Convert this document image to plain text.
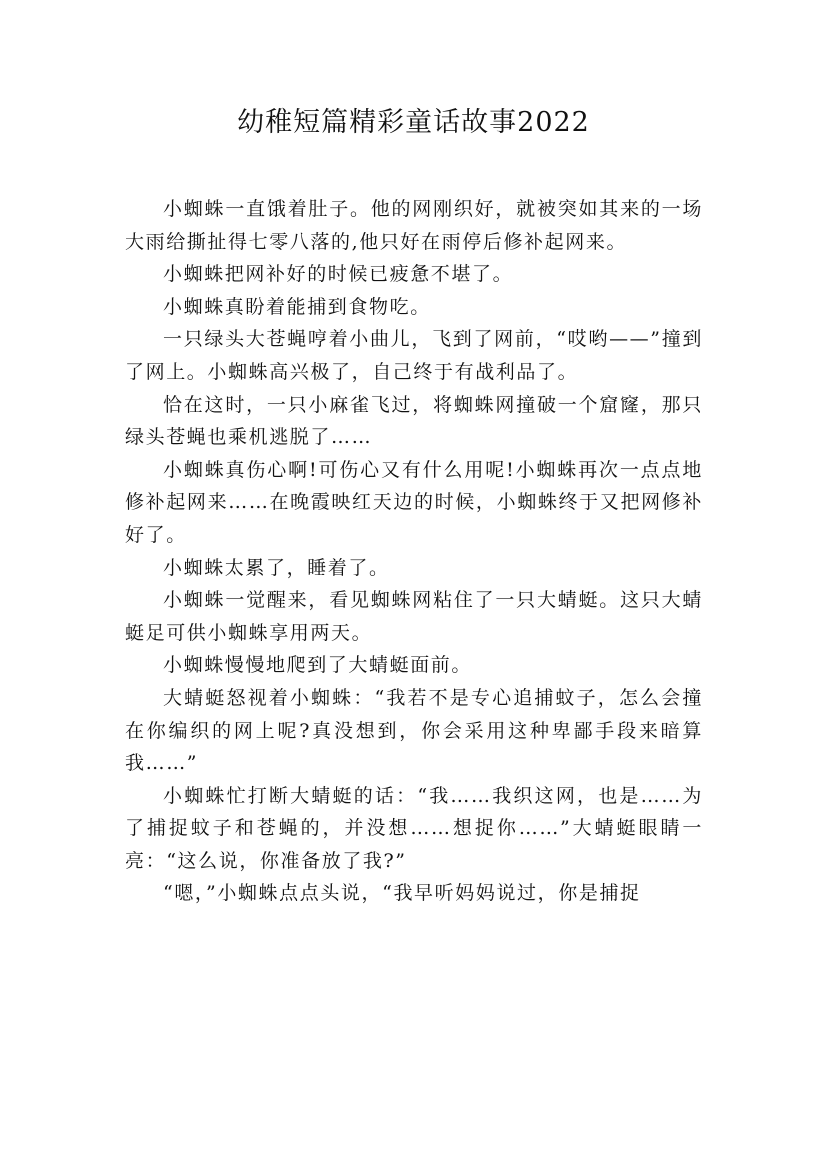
幼稚短篇精彩童话故事2022

小蜘蛛一直饿着肚子。他的网刚织好，就被突如其来的一场大雨给撕扯得七零八落的,他只好在雨停后修补起网来。

小蜘蛛把网补好的时候已疲惫不堪了。

小蜘蛛真盼着能捕到食物吃。

一只绿头大苍蝇哼着小曲儿，飞到了网前，“哎哟——”撞到了网上。小蜘蛛高兴极了，自己终于有战利品了。

恰在这时，一只小麻雀飞过，将蜘蛛网撞破一个窟窿，那只绿头苍蝇也乘机逃脱了……

小蜘蛛真伤心啊!可伤心又有什么用呢!小蜘蛛再次一点点地修补起网来……在晚霞映红天边的时候，小蜘蛛终于又把网修补好了。

小蜘蛛太累了，睡着了。

小蜘蛛一觉醒来，看见蜘蛛网粘住了一只大蜻蜓。这只大蜻蜓足可供小蜘蛛享用两天。

小蜘蛛慢慢地爬到了大蜻蜓面前。

大蜻蜓怒视着小蜘蛛：“我若不是专心追捕蚊子，怎么会撞在你编织的网上呢?真没想到，你会采用这种卑鄙手段来暗算我……”

小蜘蛛忙打断大蜻蜓的话：“我……我织这网，也是……为了捕捉蚊子和苍蝇的，并没想……想捉你……”大蜻蜓眼睛一亮：“这么说，你准备放了我?”

“嗯，”小蜘蛛点点头说，“我早听妈妈说过，你是捕捉
